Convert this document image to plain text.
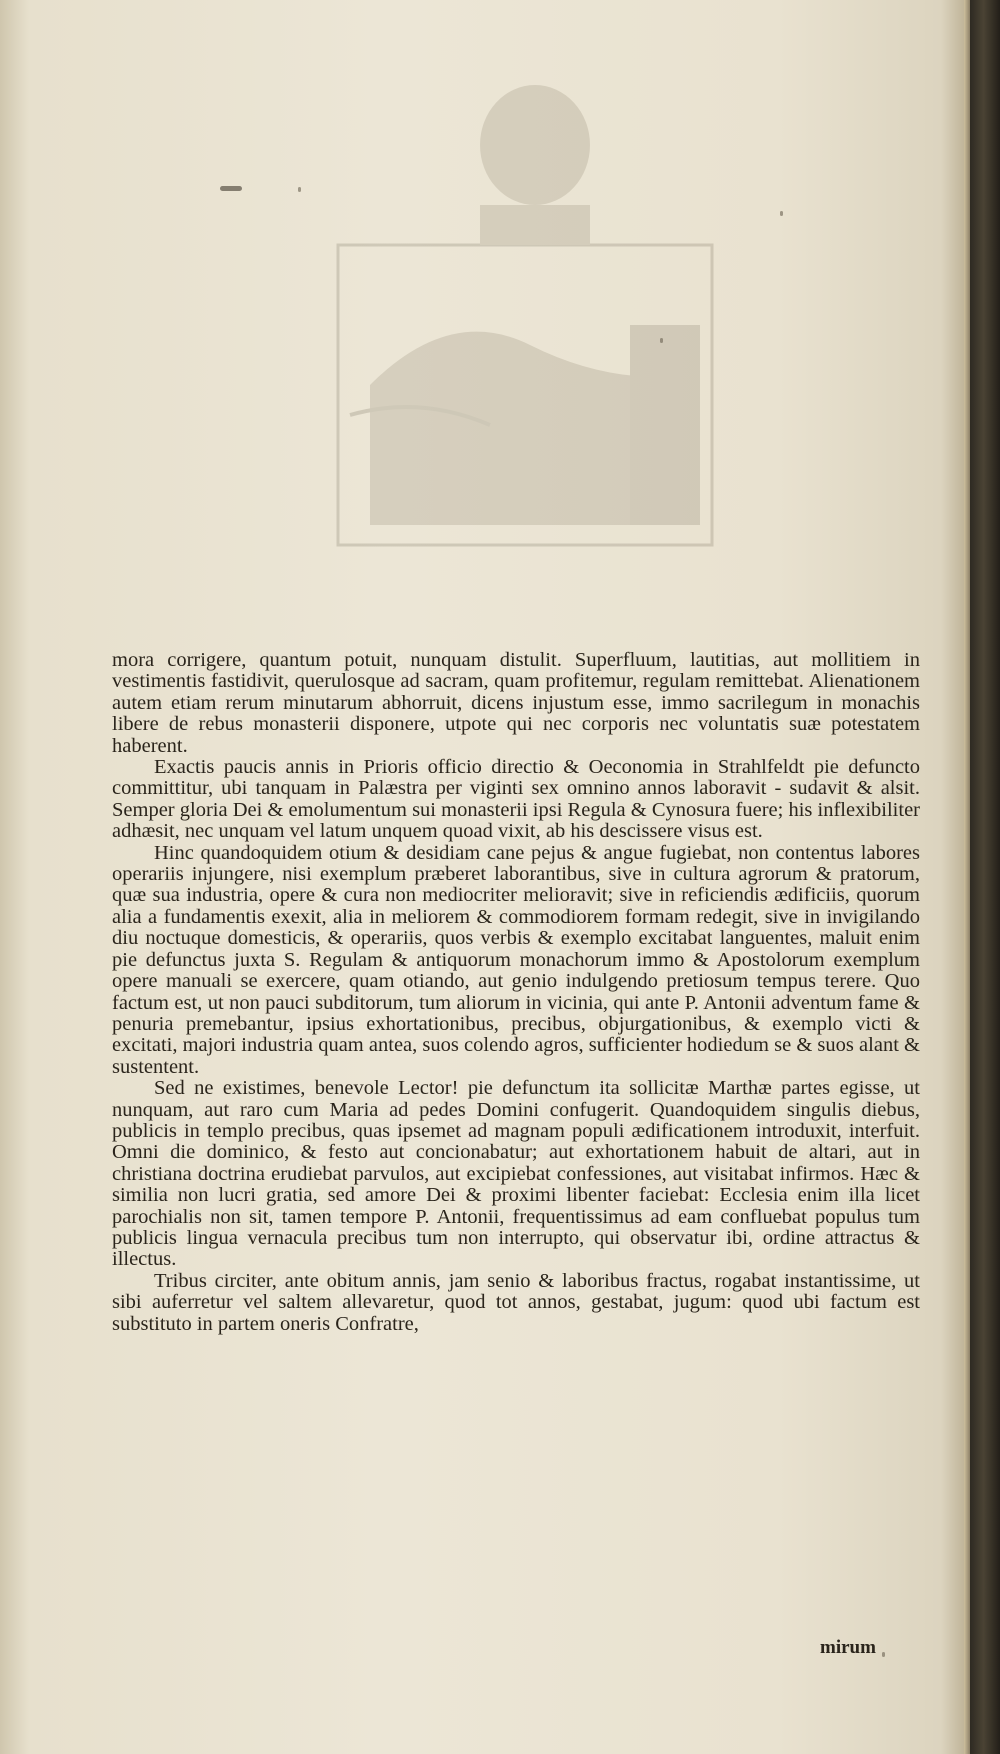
mora corrigere, quantum potuit, nunquam distulit. Superfluum, lautitias, aut mollitiem in vestimentis fastidivit, querulosque ad sacram, quam profitemur, regulam remittebat. Alienationem autem etiam rerum minutarum abhorruit, dicens injustum esse, immo sacrilegum in monachis libere de rebus monasterii disponere, utpote qui nec corporis nec voluntatis suæ potestatem haberent.

Exactis paucis annis in Prioris officio directio & Oeconomia in Strahlfeldt pie defuncto committitur, ubi tanquam in Palæstra per viginti sex omnino annos laboravit - sudavit & alsit. Semper gloria Dei & emolumentum sui monasterii ipsi Regula & Cynosura fuere; his inflexibiliter adhæsit, nec unquam vel latum unquem quoad vixit, ab his descissere visus est.

Hinc quandoquidem otium & desidiam cane pejus & angue fugiebat, non contentus labores operariis injungere, nisi exemplum præberet laborantibus, sive in cultura agrorum & pratorum, quæ sua industria, opere & cura non mediocriter melioravit; sive in reficiendis ædificiis, quorum alia a fundamentis exexit, alia in meliorem & commodiorem formam redegit, sive in invigilando diu noctuque domesticis, & operariis, quos verbis & exemplo excitabat languentes, maluit enim pie defunctus juxta S. Regulam & antiquorum monachorum immo & Apostolorum exemplum opere manuali se exercere, quam otiando, aut genio indulgendo pretiosum tempus terere. Quo factum est, ut non pauci subditorum, tum aliorum in vicinia, qui ante P. Antonii adventum fame & penuria premebantur, ipsius exhortationibus, precibus, objurgationibus, & exemplo victi & excitati, majori industria quam antea, suos colendo agros, sufficienter hodiedum se & suos alant & sustentent.

Sed ne existimes, benevole Lector! pie defunctum ita sollicitæ Marthæ partes egisse, ut nunquam, aut raro cum Maria ad pedes Domini confugerit. Quandoquidem singulis diebus, publicis in templo precibus, quas ipsemet ad magnam populi ædificationem introduxit, interfuit. Omni die dominico, & festo aut concionabatur; aut exhortationem habuit de altari, aut in christiana doctrina erudiebat parvulos, aut excipiebat confessiones, aut visitabat infirmos. Hæc & similia non lucri gratia, sed amore Dei & proximi libenter faciebat: Ecclesia enim illa licet parochialis non sit, tamen tempore P. Antonii, frequentissimus ad eam confluebat populus tum publicis lingua vernacula precibus tum non interrupto, qui observatur ibi, ordine attractus & illectus.

Tribus circiter, ante obitum annis, jam senio & laboribus fractus, rogabat instantissime, ut sibi auferretur vel saltem allevaretur, quod tot annos, gestabat, jugum: quod ubi factum est substituto in partem oneris Confratre,

mirum
